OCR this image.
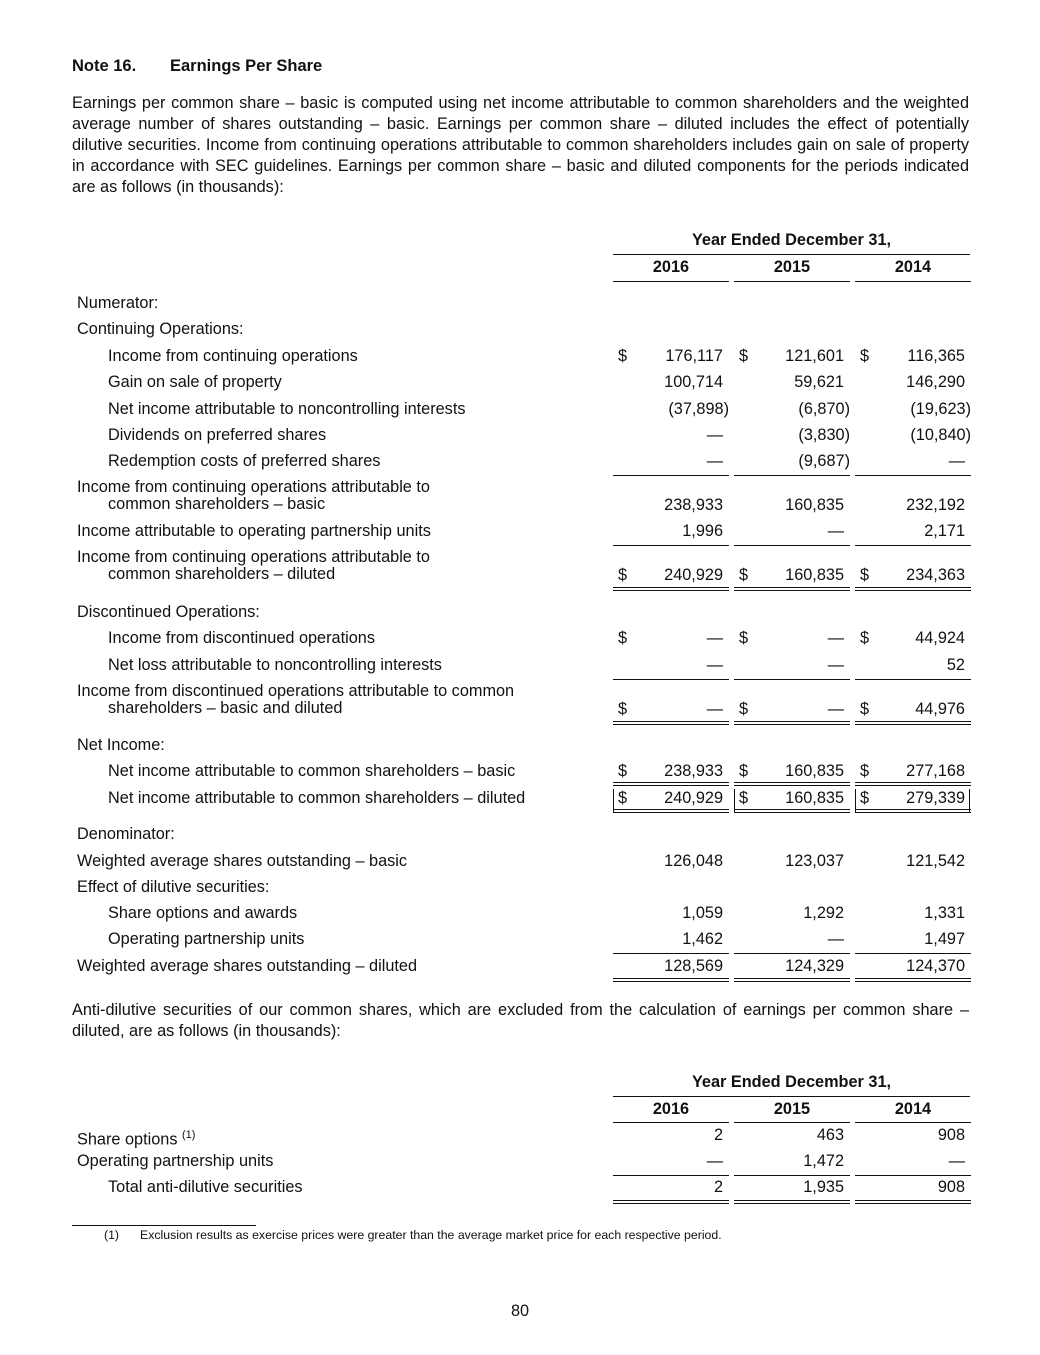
Note 16. Earnings Per Share
Earnings per common share – basic is computed using net income attributable to common shareholders and the weighted average number of shares outstanding – basic. Earnings per common share – diluted includes the effect of potentially dilutive securities. Income from continuing operations attributable to common shareholders includes gain on sale of property in accordance with SEC guidelines. Earnings per common share – basic and diluted components for the periods indicated are as follows (in thousands):
Year Ended December 31,
2016	2015	2014
Numerator:
Continuing Operations:
Income from continuing operations	$ 176,117 $ 121,601 $ 116,365
Gain on sale of property	100,714	59,621	146,290
Net income attributable to noncontrolling interests	(37,898)	(6,870)	(19,623)
Dividends on preferred shares	—	(3,830)	(10,840)
Redemption costs of preferred shares	—	(9,687)	—
Income from continuing operations attributable to
common shareholders – basic	238,933	160,835	232,192
Income attributable to operating partnership units	1,996	—	2,171
Income from continuing operations attributable to
common shareholders – diluted	$ 240,929 $ 160,835 $ 234,363
Discontinued Operations:
Income from discontinued operations	$	— $	— $	44,924
Net loss attributable to noncontrolling interests	—	—	52
Income from discontinued operations attributable to common
shareholders – basic and diluted	$	— $	— $	44,976
Net Income:
Net income attributable to common shareholders – basic	$ 238,933 $ 160,835 $ 277,168
Net income attributable to common shareholders – diluted	$ 240,929 $ 160,835 $ 279,339
Denominator:
Weighted average shares outstanding – basic	126,048	123,037	121,542
Effect of dilutive securities:
Share options and awards	1,059	1,292	1,331
Operating partnership units	1,462	—	1,497
Weighted average shares outstanding – diluted	128,569	124,329	124,370
Anti-dilutive securities of our common shares, which are excluded from the calculation of earnings per common share – diluted, are as follows (in thousands):
Year Ended December 31,
2016	2015	2014
Share options $^{(1)}$	2	463	908
Operating partnership units	—	1,472	—
Total anti-dilutive securities	2	1,935	908
(1) Exclusion results as exercise prices were greater than the average market price for each respective period.
80
